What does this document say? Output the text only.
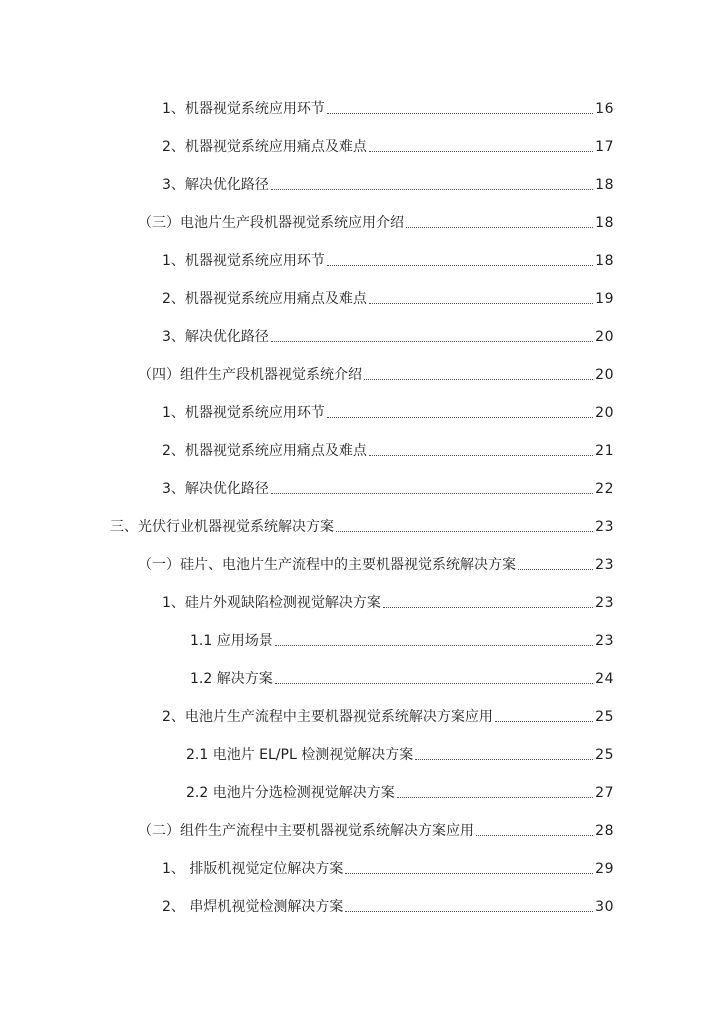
1、机器视觉系统应用环节	16
2、机器视觉系统应用痛点及难点	17
3、解决优化路径	18
（三）电池片生产段机器视觉系统应用介绍	18
1、机器视觉系统应用环节	18
2、机器视觉系统应用痛点及难点	19
3、解决优化路径	20
（四）组件生产段机器视觉系统介绍	20
1、机器视觉系统应用环节	20
2、机器视觉系统应用痛点及难点	21
3、解决优化路径	22
三、光伏行业机器视觉系统解决方案	23
（一）硅片、电池片生产流程中的主要机器视觉系统解决方案	23
1、硅片外观缺陷检测视觉解决方案	23
1.1 应用场景	23
1.2 解决方案	24
2、电池片生产流程中主要机器视觉系统解决方案应用	25
2.1 电池片 EL/PL 检测视觉解决方案	25
2.2 电池片分选检测视觉解决方案	27
（二）组件生产流程中主要机器视觉系统解决方案应用	28
1、 排版机视觉定位解决方案	29
2、 串焊机视觉检测解决方案	30
